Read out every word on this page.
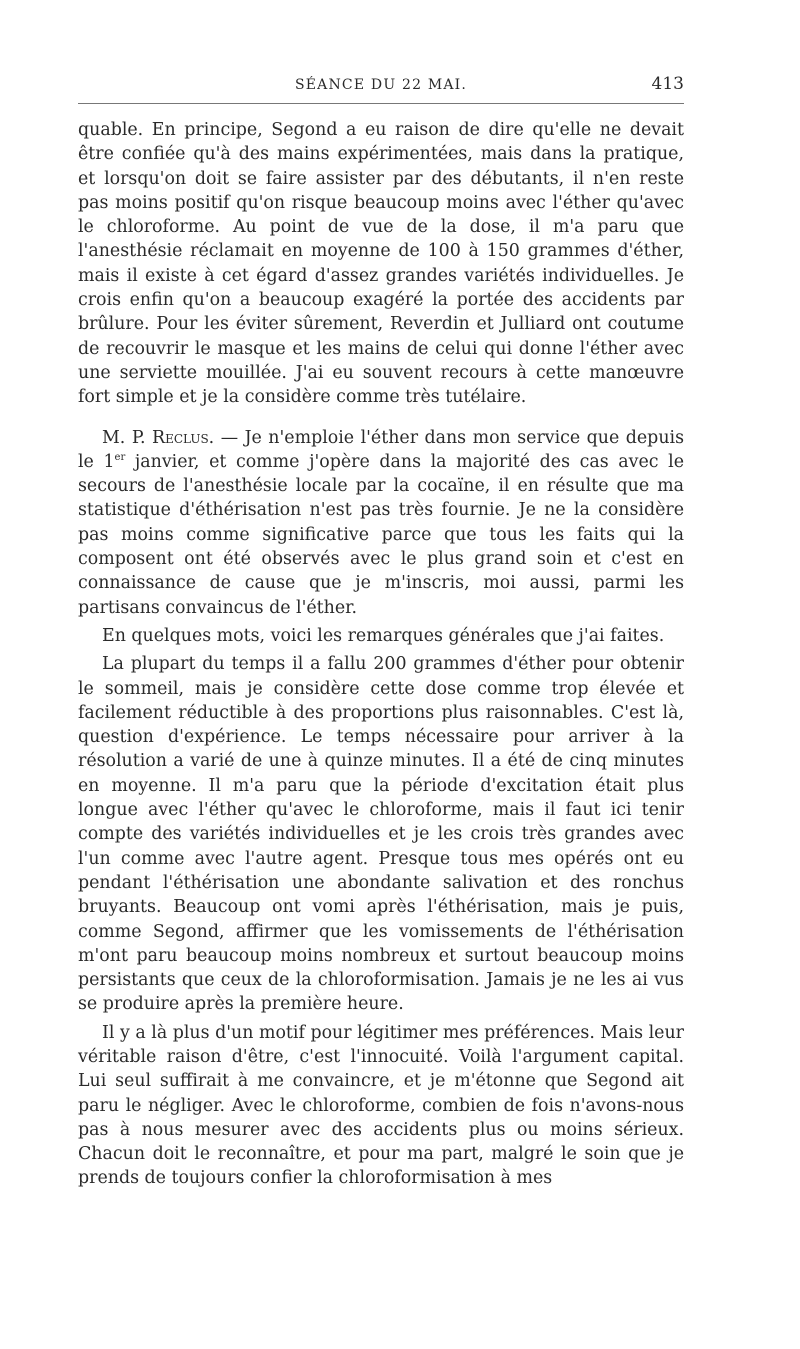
SÉANCE DU 22 MAI.	413

quable. En principe, Segond a eu raison de dire qu'elle ne devait être confiée qu'à des mains expérimentées, mais dans la pratique, et lorsqu'on doit se faire assister par des débutants, il n'en reste pas moins positif qu'on risque beaucoup moins avec l'éther qu'avec le chloroforme. Au point de vue de la dose, il m'a paru que l'anesthésie réclamait en moyenne de 100 à 150 grammes d'éther, mais il existe à cet égard d'assez grandes variétés individuelles. Je crois enfin qu'on a beaucoup exagéré la portée des accidents par brûlure. Pour les éviter sûrement, Reverdin et Julliard ont coutume de recouvrir le masque et les mains de celui qui donne l'éther avec une serviette mouillée. J'ai eu souvent recours à cette manœuvre fort simple et je la considère comme très tutélaire.

M. P. Reclus. — Je n'emploie l'éther dans mon service que depuis le 1er janvier, et comme j'opère dans la majorité des cas avec le secours de l'anesthésie locale par la cocaïne, il en résulte que ma statistique d'éthérisation n'est pas très fournie. Je ne la considère pas moins comme significative parce que tous les faits qui la composent ont été observés avec le plus grand soin et c'est en connaissance de cause que je m'inscris, moi aussi, parmi les partisans convaincus de l'éther.

En quelques mots, voici les remarques générales que j'ai faites.

La plupart du temps il a fallu 200 grammes d'éther pour obtenir le sommeil, mais je considère cette dose comme trop élevée et facilement réductible à des proportions plus raisonnables. C'est là, question d'expérience. Le temps nécessaire pour arriver à la résolution a varié de une à quinze minutes. Il a été de cinq minutes en moyenne. Il m'a paru que la période d'excitation était plus longue avec l'éther qu'avec le chloroforme, mais il faut ici tenir compte des variétés individuelles et je les crois très grandes avec l'un comme avec l'autre agent. Presque tous mes opérés ont eu pendant l'éthérisation une abondante salivation et des ronchus bruyants. Beaucoup ont vomi après l'éthérisation, mais je puis, comme Segond, affirmer que les vomissements de l'éthérisation m'ont paru beaucoup moins nombreux et surtout beaucoup moins persistants que ceux de la chloroformisation. Jamais je ne les ai vus se produire après la première heure.

Il y a là plus d'un motif pour légitimer mes préférences. Mais leur véritable raison d'être, c'est l'innocuité. Voilà l'argument capital. Lui seul suffirait à me convaincre, et je m'étonne que Segond ait paru le négliger. Avec le chloroforme, combien de fois n'avons-nous pas à nous mesurer avec des accidents plus ou moins sérieux. Chacun doit le reconnaître, et pour ma part, malgré le soin que je prends de toujours confier la chloroformisation à mes
